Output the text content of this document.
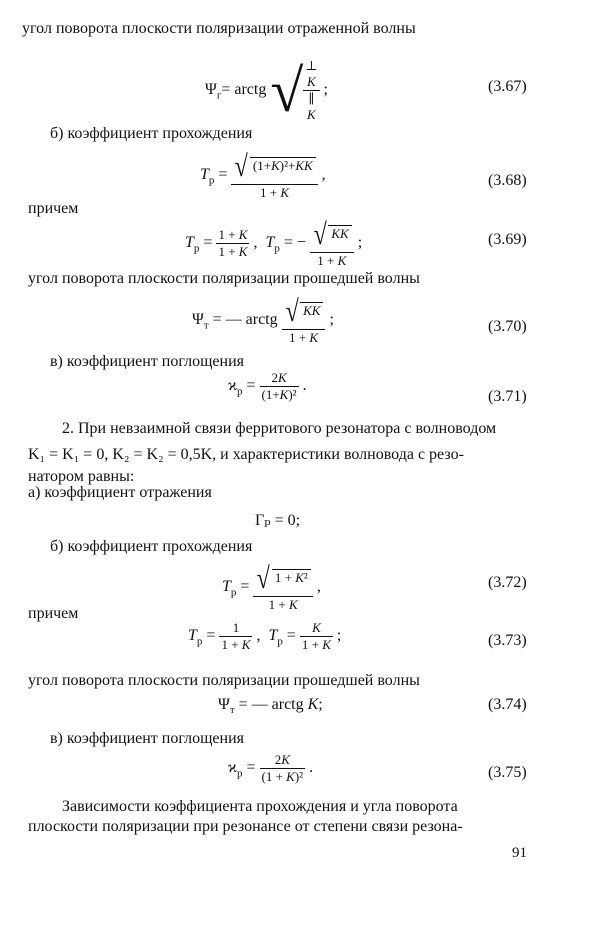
угол поворота плоскости поляризации отраженной волны
$\Psi_г=$ arctg √ ⊥
K
∥
K
;	(3.67)
б) коэффициент прохождения
$T_р = \frac{\text{√ (1+K)²+KK}}{1 + K}$ ,	(3.68)
причем
$T_р = \frac{1 + K}{1 + K}$ ,  $T_р$ = − $\frac{√ KK}{1 + K}$ ;	(3.69)
угол поворота плоскости поляризации прошедшей волны
$\Psi_т$ = — arctg $\frac{√ KK}{1 + K}$ ;	(3.70)
в) коэффициент поглощения
$ϰ_р = \frac{2K}{\text{(1+K)²}}$ .
(3.71)
2. При невзаимной связи ферритового резонатора с волноводом
K₁ = K₁ = 0, K₂ = K₂ = 0,5K, и характеристики волновода с резо-
натором равны:
а) коэффициент отражения
Γₚ = 0;
б) коэффициент прохождения
$T_р = \frac{\text{√ 1 + K²}}{1 + K}$ ,	(3.72)
причем
$T_р = \frac{1}{1 + K}$ ,  $T_р = \frac{K}{1 + K}$ ;	(3.73)
угол поворота плоскости поляризации прошедшей волны
$\Psi_т$ = — arctg K;	(3.74)
в) коэффициент поглощения
$ϰ_р = \frac{2K}{\text{(1 + K)²}}$ .	(3.75)
Зависимости коэффициента прохождения и угла поворота
плоскости поляризации при резонансе от степени связи резона-
91
